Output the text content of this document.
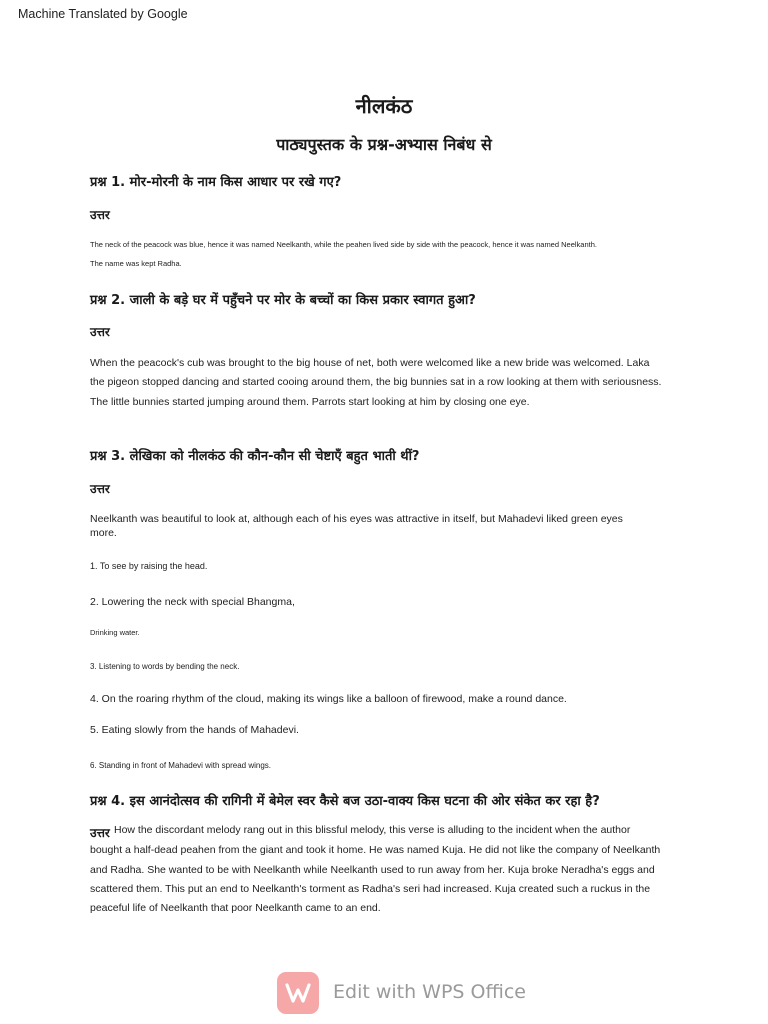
Machine Translated by Google
नीलकंठ
पाठ्यपुस्तक के प्रश्न-अभ्यास निबंध से
प्रश्न 1. मोर-मोरनी के नाम किस आधार पर रखे गए?
उत्तर
The neck of the peacock was blue, hence it was named Neelkanth, while the peahen lived side by side with the peacock, hence it was named Neelkanth.
The name was kept Radha.
प्रश्न 2. जाली के बड़े घर में पहुँचने पर मोर के बच्चों का किस प्रकार स्वागत हुआ?
उत्तर
When the peacock's cub was brought to the big house of net, both were welcomed like a new bride was welcomed. Laka
the pigeon stopped dancing and started cooing around them, the big bunnies sat in a row looking at them with seriousness.
The little bunnies started jumping around them. Parrots start looking at him by closing one eye.
प्रश्न 3. लेखिका को नीलकंठ की कौन-कौन सी चेष्टाएँ बहुत भाती थीं?
उत्तर
Neelkanth was beautiful to look at, although each of his eyes was attractive in itself, but Mahadevi liked green eyes
more.
1. To see by raising the head.
2. Lowering the neck with special Bhangma,
Drinking water.
3. Listening to words by bending the neck.
4. On the roaring rhythm of the cloud, making its wings like a balloon of firewood, make a round dance.
5. Eating slowly from the hands of Mahadevi.
6. Standing in front of Mahadevi with spread wings.
प्रश्न 4. इस आनंदोत्सव की रागिनी में बेमेल स्वर कैसे बज उठा-वाक्य किस घटना की ओर संकेत कर रहा है?
उत्तर How the discordant melody rang out in this blissful melody, this verse is alluding to the incident when the author
bought a half-dead peahen from the giant and took it home. He was named Kuja. He did not like the company of Neelkanth
and Radha. She wanted to be with Neelkanth while Neelkanth used to run away from her. Kuja broke Neradha's eggs and
scattered them. This put an end to Neelkanth's torment as Radha's seri had increased. Kuja created such a ruckus in the
peaceful life of Neelkanth that poor Neelkanth came to an end.
Edit with WPS Office
